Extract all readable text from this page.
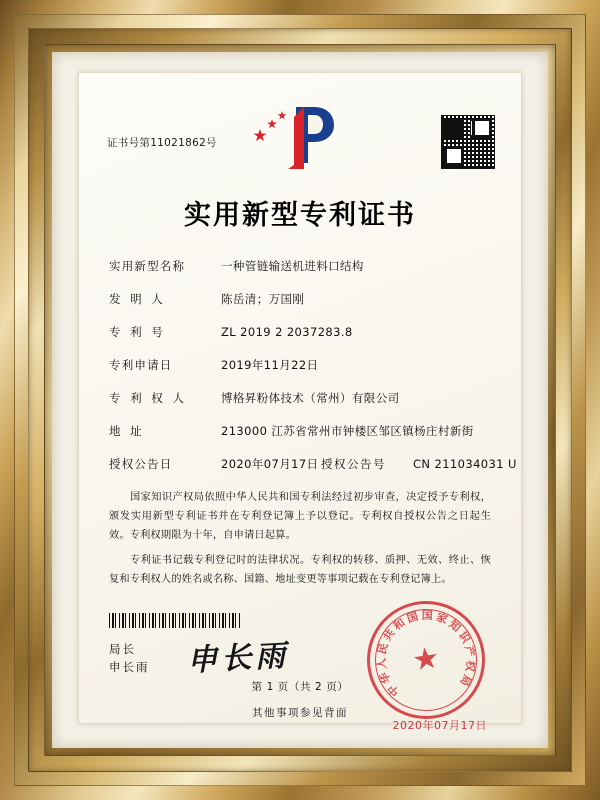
证书号第11021862号
实用新型专利证书
实用新型名称	一种管链输送机进料口结构
发 明 人	陈岳清；万国刚
专 利 号	ZL 2019 2 2037283.8
专利申请日	2019年11月22日
专 利 权 人	博格昇粉体技术（常州）有限公司
地 址	213000 江苏省常州市钟楼区邹区镇杨庄村新街
授权公告日	2020年07月17日 授权公告号	CN 211034031 U

国家知识产权局依照中华人民共和国专利法经过初步审查，决定授予专利权，颁发实用新型专利证书并在专利登记簿上予以登记。专利权自授权公告之日起生效。专利权期限为十年，自申请日起算。

专利证书记载专利登记时的法律状况。专利权的转移、质押、无效、终止、恢复和专利权人的姓名或名称、国籍、地址变更等事项记载在专利登记簿上。

局长
申长雨 申长雨	★
中
华
人
民
共
和
国 国 家
知
识
产
权
局
2020年07月17日
第 1 页（共 2 页）
其他事项参见背面
